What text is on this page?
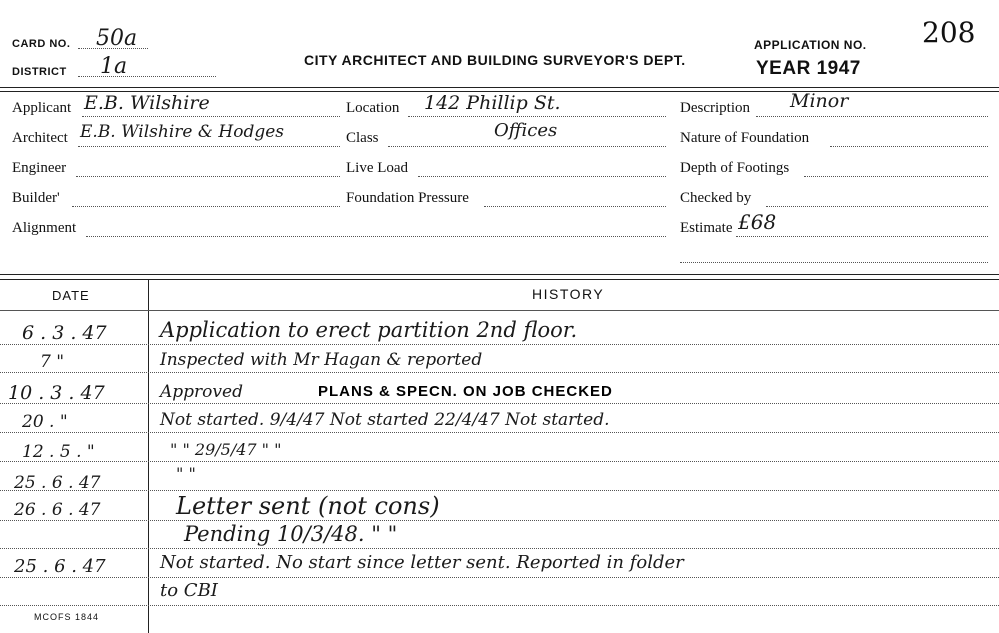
CARD NO. 50a
DISTRICT 1a	CITY ARCHITECT AND BUILDING SURVEYOR'S DEPT.
APPLICATION NO. 208
YEAR 1947
Applicant E.B. Wilshire
Architect E.B. Wilshire & Hodges
Engineer
Builder'
Alignment
Location 142 Phillip St.
Class	Offices
Live Load
Foundation Pressure
Description Minor
Nature of Foundation
Depth of Footings
Checked by
Estimate £68
DATE	HISTORY
6 . 3 . 47	Application to erect partition 2nd floor.
7 "	Inspected with Mr Hagan & reported
10 . 3 . 47	Approved	PLANS & SPECN. ON JOB CHECKED
20 . "	Not started. 9/4/47 Not started 22/4/47 Not started.
12 . 5 . "	" " 29/5/47 " "
25 . 6 . 47	" "
26 . 6 . 47	Letter sent (not cons)
Pending 10/3/48. " "
25 . 6 . 47	Not started. No start since letter sent. Reported in folder
to CBI
MCOFS 1844
